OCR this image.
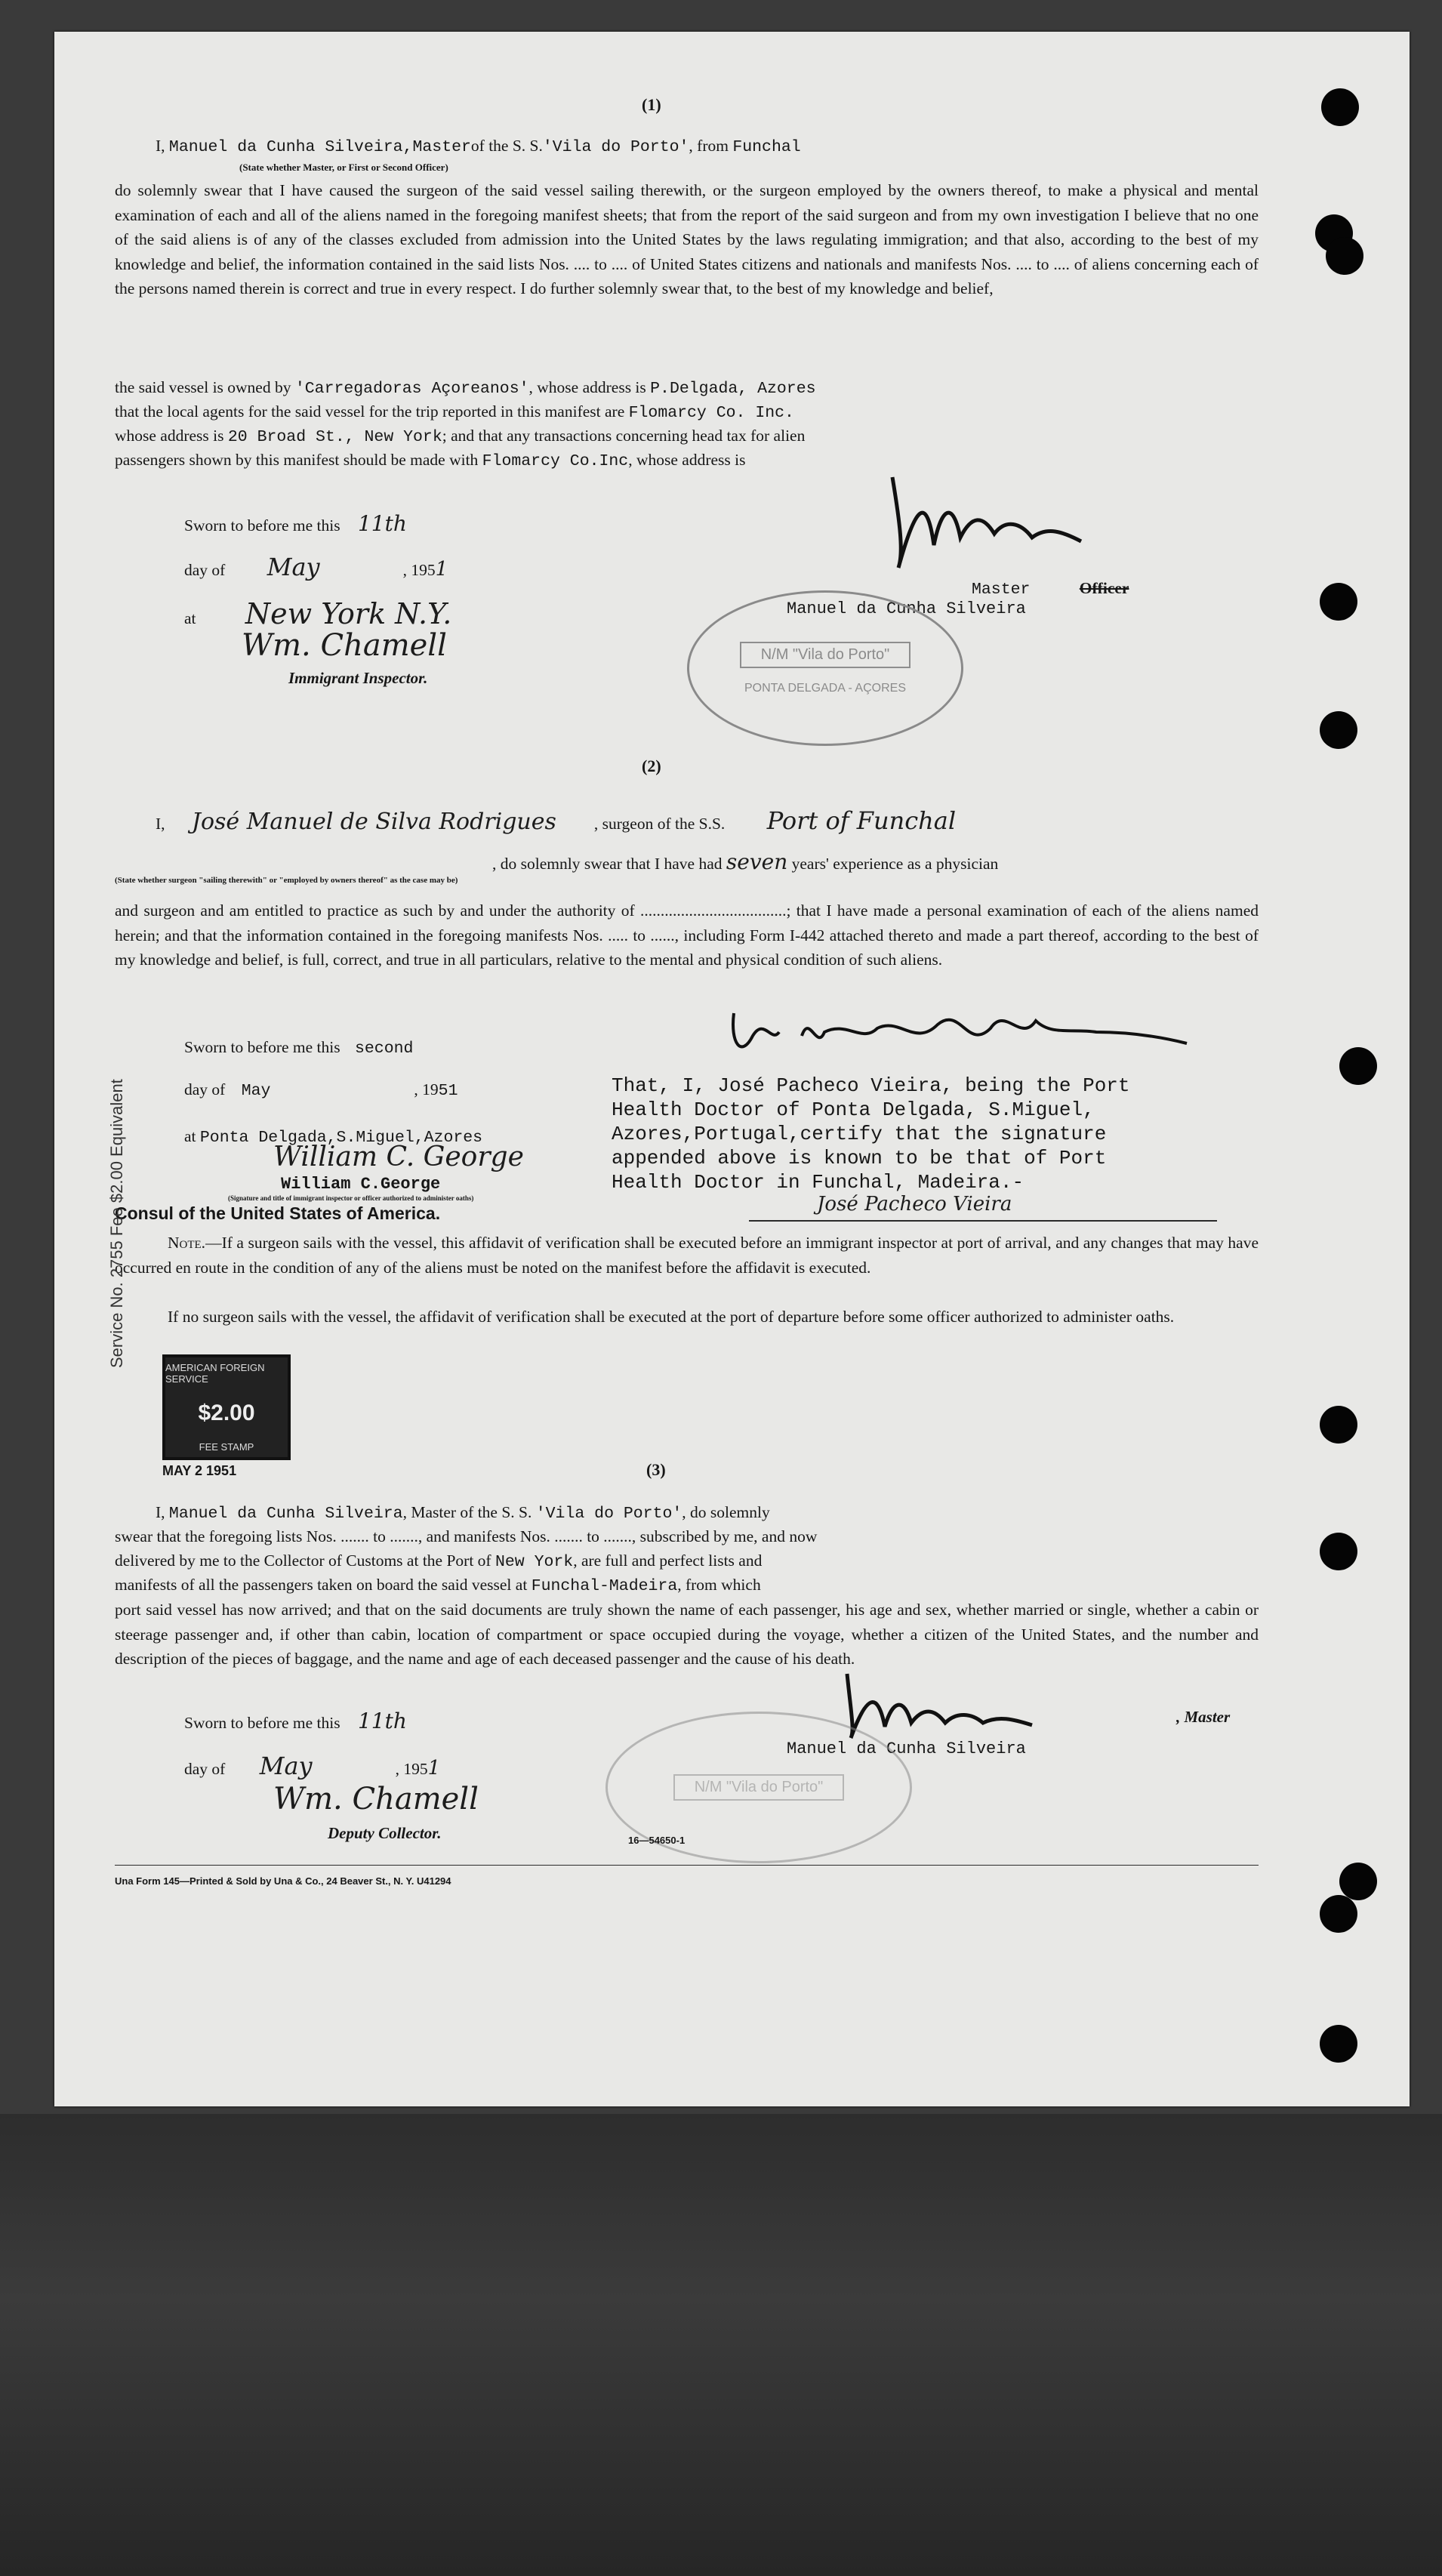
(1)
I, Manuel da Cunha Silveira,Masterof the S. S.'Vila do Porto', from Funchal
(State whether Master, or First or Second Officer)
do solemnly swear that I have caused the surgeon of the said vessel sailing therewith, or the surgeon employed by the owners thereof, to make a physical and mental examination of each and all of the aliens named in the foregoing manifest sheets; that from the report of the said surgeon and from my own investigation I believe that no one of the said aliens is of any of the classes excluded from admission into the United States by the laws regulating immigration; and that also, according to the best of my knowledge and belief, the information contained in the said lists Nos. .... to .... of United States citizens and nationals and manifests Nos. .... to .... of aliens concerning each of the persons named therein is correct and true in every respect. I do further solemnly swear that, to the best of my knowledge and belief,
the said vessel is owned by 'Carregadoras Açoreanos', whose address is P.Delgada, Azores
that the local agents for the said vessel for the trip reported in this manifest are Flomarcy Co. Inc.
whose address is 20 Broad St., New York; and that any transactions concerning head tax for alien
passengers shown by this manifest should be made with Flomarcy Co.Inc, whose address is
Sworn to before me this 11th
day of May	, 1951
at New York N.Y.
Wm. Chamell
Immigrant Inspector.
Master	Officer
Manuel da Cunha Silveira
N/M "Vila do Porto"
PONTA DELGADA - AÇORES
(2)
I, José Manuel de Silva Rodrigues , surgeon of the S.S. Port of Funchal
, do solemnly swear that I have had seven years' experience as a physician
(State whether surgeon "sailing therewith" or "employed by owners thereof" as the case may be)
and surgeon and am entitled to practice as such by and under the authority of ....................................; that I have made a personal examination of each of the aliens named herein; and that the information contained in the foregoing manifests Nos. ..... to ......, including Form I-442 attached thereto and made a part thereof, according to the best of my knowledge and belief, is full, correct, and true in all particulars, relative to the mental and physical condition of such aliens.
Sworn to before me this second
day of May	, 1951
at Ponta Delgada,S.Miguel,Azores
William C. George
William C.George
(Signature and title of immigrant inspector or officer authorized to administer oaths)
Consul of the United States of America.
That, I, José Pacheco Vieira, being the Port
Health Doctor of Ponta Delgada, S.Miguel,
Azores,Portugal,certify that the signature
appended above is known to be that of Port
Health Doctor in Funchal, Madeira.-
José Pacheco Vieira
Note.—If a surgeon sails with the vessel, this affidavit of verification shall be executed before an immigrant inspector at port of arrival, and any changes that may have occurred en route in the condition of any of the aliens must be noted on the manifest before the affidavit is executed.
If no surgeon sails with the vessel, the affidavit of verification shall be executed at the port of departure before some officer authorized to administer oaths.
Service No. 2755 Fee $2.00 Equivalent	AMERICAN FOREIGN SERVICE
$2.00
FEE STAMP
MAY 2 1951	(3)
I, Manuel da Cunha Silveira, Master of the S. S. 'Vila do Porto', do solemnly
swear that the foregoing lists Nos. ....... to ......., and manifests Nos. ....... to ......., subscribed by me, and now
delivered by me to the Collector of Customs at the Port of New York, are full and perfect lists and
manifests of all the passengers taken on board the said vessel at Funchal-Madeira, from which
port said vessel has now arrived; and that on the said documents are truly shown the name of each passenger, his age and sex, whether married or single, whether a cabin or steerage passenger and, if other than cabin, location of compartment or space occupied during the voyage, whether a citizen of the United States, and the number and description of the pieces of baggage, and the name and age of each deceased passenger and the cause of his death.
Sworn to before me this 11th
day of May	, 1951
Wm. Chamell
Deputy Collector.
, Master
Manuel da Cunha Silveira
N/M "Vila do Porto"
16—54650-1
Una Form 145—Printed & Sold by Una & Co., 24 Beaver St., N. Y. U41294
